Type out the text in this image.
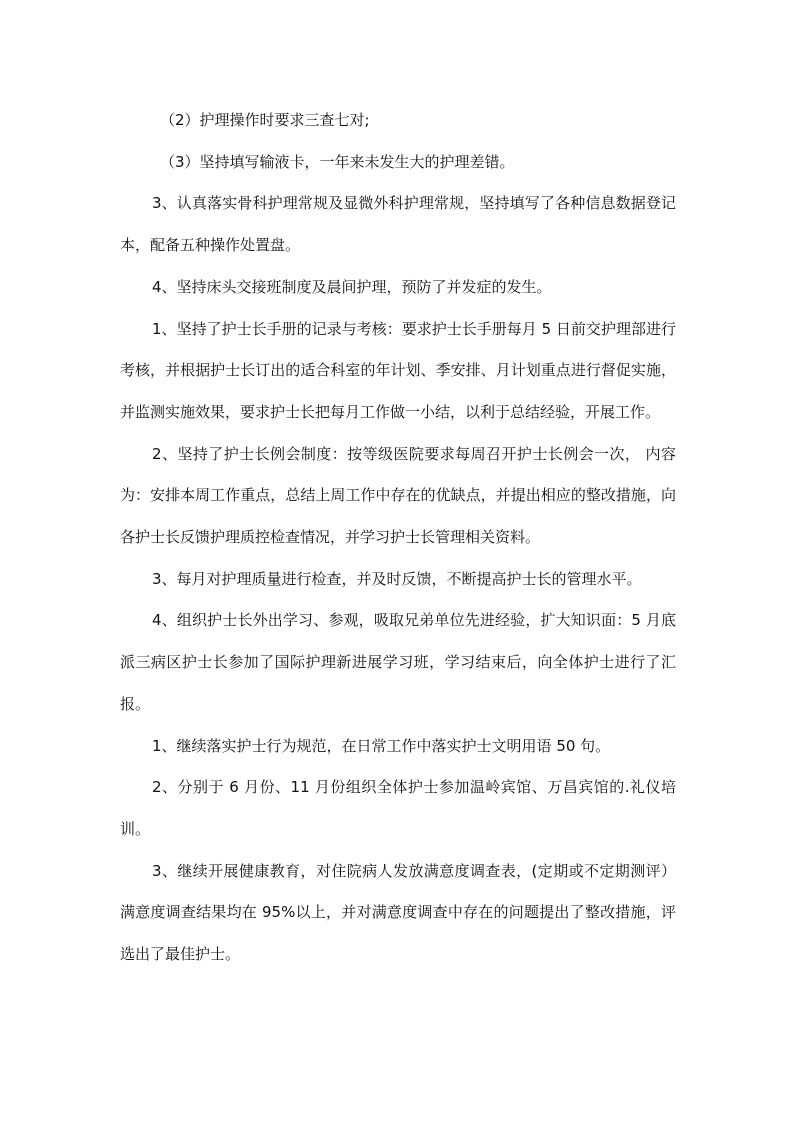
（2）护理操作时要求三查七对;

（3）坚持填写输液卡，一年来未发生大的护理差错。

3、认真落实骨科护理常规及显微外科护理常规，坚持填写了各种信息数据登记本，配备五种操作处置盘。

4、坚持床头交接班制度及晨间护理，预防了并发症的发生。

1、坚持了护士长手册的记录与考核：要求护士长手册每月 5 日前交护理部进行考核，并根据护士长订出的适合科室的年计划、季安排、月计划重点进行督促实施，并监测实施效果，要求护士长把每月工作做一小结，以利于总结经验，开展工作。

2、坚持了护士长例会制度：按等级医院要求每周召开护士长例会一次， 内容为：安排本周工作重点，总结上周工作中存在的优缺点，并提出相应的整改措施，向各护士长反馈护理质控检查情况，并学习护士长管理相关资料。

3、每月对护理质量进行检查，并及时反馈，不断提高护士长的管理水平。

4、组织护士长外出学习、参观，吸取兄弟单位先进经验，扩大知识面：5 月底派三病区护士长参加了国际护理新进展学习班，学习结束后，向全体护士进行了汇报。

1、继续落实护士行为规范，在日常工作中落实护士文明用语 50 句。

2、分别于 6 月份、11 月份组织全体护士参加温岭宾馆、万昌宾馆的.礼仪培训。

3、继续开展健康教育，对住院病人发放满意度调查表，(定期或不定期测评）满意度调查结果均在 95%以上，并对满意度调查中存在的问题提出了整改措施，评选出了最佳护士。
